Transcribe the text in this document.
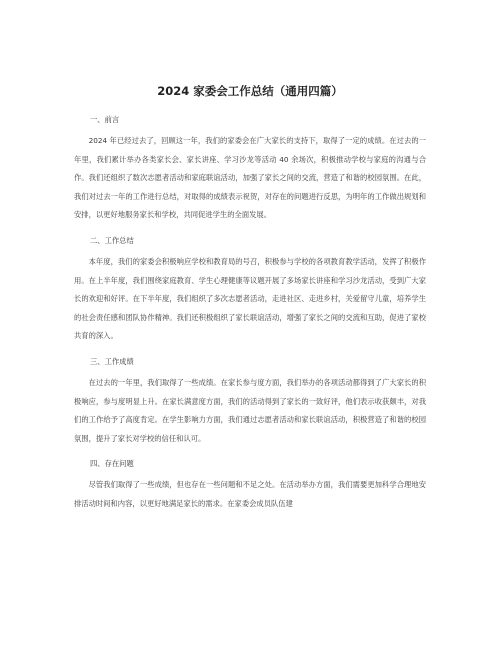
2024 家委会工作总结（通用四篇）

一、前言

2024 年已经过去了，回顾这一年，我们的家委会在广大家长的支持下，取得了一定的成绩。在过去的一年里，我们累计举办各类家长会、家长讲座、学习沙龙等活动 40 余场次，积极推动学校与家庭的沟通与合作。我们还组织了数次志愿者活动和家庭联谊活动，加强了家长之间的交流，营造了和谐的校园氛围。在此，我们对过去一年的工作进行总结，对取得的成绩表示祝贺，对存在的问题进行反思，为明年的工作做出规划和安排，以更好地服务家长和学校，共同促进学生的全面发展。

二、工作总结

本年度，我们的家委会积极响应学校和教育局的号召，积极参与学校的各项教育教学活动，发挥了积极作用。在上半年度，我们围绕家庭教育、学生心理健康等议题开展了多场家长讲座和学习沙龙活动，受到广大家长的欢迎和好评。在下半年度，我们组织了多次志愿者活动，走进社区、走进乡村，关爱留守儿童，培养学生的社会责任感和团队协作精神。我们还积极组织了家长联谊活动，增强了家长之间的交流和互助，促进了家校共育的深入。

三、工作成绩

在过去的一年里，我们取得了一些成绩。在家长参与度方面，我们举办的各项活动都得到了广大家长的积极响应，参与度明显上升。在家长满意度方面，我们的活动得到了家长的一致好评，他们表示收获颇丰，对我们的工作给予了高度肯定。在学生影响力方面，我们通过志愿者活动和家长联谊活动，积极营造了和谐的校园氛围，提升了家长对学校的信任和认可。

四、存在问题

尽管我们取得了一些成绩，但也存在一些问题和不足之处。在活动举办方面，我们需要更加科学合理地安排活动时间和内容，以更好地满足家长的需求。在家委会成员队伍建
